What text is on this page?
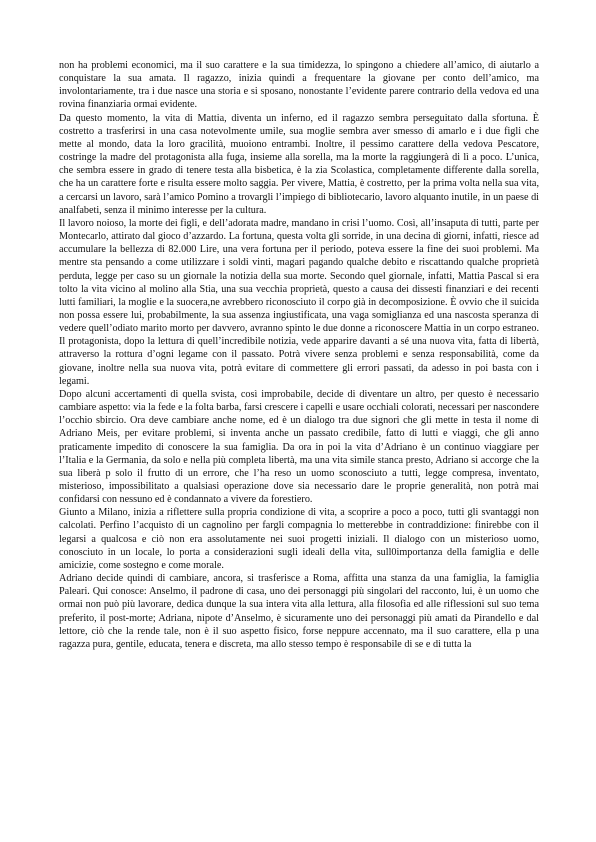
non ha problemi economici, ma il suo carattere e la sua timidezza, lo spingono a chiedere all’amico, di aiutarlo a conquistare la sua amata. Il ragazzo, inizia quindi a frequentare la giovane per conto dell’amico, ma involontariamente, tra i due nasce una storia e si sposano, nonostante l’evidente parere contrario della vedova ed una rovina finanziaria ormai evidente.

Da questo momento, la vita di Mattia, diventa un inferno, ed il ragazzo sembra perseguitato dalla sfortuna. È costretto a trasferirsi in una casa notevolmente umile, sua moglie sembra aver smesso di amarlo e i due figli che mette al mondo, data la loro gracilità, muoiono entrambi. Inoltre, il pessimo carattere della vedova Pescatore, costringe la madre del protagonista alla fuga, insieme alla sorella, ma la morte la raggiungerà di lì a poco. L’unica, che sembra essere in grado di tenere testa alla bisbetica, è la zia Scolastica, completamente differente dalla sorella, che ha un carattere forte e risulta essere molto saggia. Per vivere, Mattia, è costretto, per la prima volta nella sua vita, a cercarsi un lavoro, sarà l’amico Pomino a trovargli l’impiego di bibliotecario, lavoro alquanto inutile, in un paese di analfabeti, senza il minimo interesse per la cultura.

Il lavoro noioso, la morte dei figli, e dell’adorata madre, mandano in crisi l’uomo. Così, all’insaputa di tutti, parte per Montecarlo, attirato dal gioco d’azzardo. La fortuna, questa volta gli sorride, in una decina di giorni, infatti, riesce ad accumulare la bellezza di 82.000 Lire, una vera fortuna per il periodo, poteva essere la fine dei suoi problemi. Ma mentre sta pensando a come utilizzare i soldi vinti, magari pagando qualche debito e riscattando qualche proprietà perduta, legge per caso su un giornale la notizia della sua morte. Secondo quel giornale, infatti, Mattia Pascal si era tolto la vita vicino al molino alla Stia, una sua vecchia proprietà, questo a causa dei dissesti finanziari e dei recenti lutti familiari, la moglie e la suocera,ne avrebbero riconosciuto il corpo già in decomposizione. È ovvio che il suicida non possa essere lui, probabilmente, la sua assenza ingiustificata, una vaga somiglianza ed una nascosta speranza di vedere quell’odiato marito morto per davvero, avranno spinto le due donne a riconoscere Mattia in un corpo estraneo. Il protagonista, dopo la lettura di quell’incredibile notizia, vede apparire davanti a sé una nuova vita, fatta di libertà, attraverso la rottura d’ogni legame con il passato. Potrà vivere senza problemi e senza responsabilità, come da giovane, inoltre nella sua nuova vita, potrà evitare di commettere gli errori passati, da adesso in poi basta con i legami.

Dopo alcuni accertamenti di quella svista, così improbabile, decide di diventare un altro, per questo è necessario cambiare aspetto: via la fede e la folta barba, farsi crescere i capelli e usare occhiali colorati, necessari per nascondere l’occhio sbircio. Ora deve cambiare anche nome, ed è un dialogo tra due signori che gli mette in testa il nome di Adriano Meis, per evitare problemi, si inventa anche un passato credibile, fatto di lutti e viaggi, che gli anno praticamente impedito di conoscere la sua famiglia. Da ora in poi la vita d’Adriano è un continuo viaggiare per l’Italia e la Germania, da solo e nella più completa libertà, ma una vita simile stanca presto, Adriano si accorge che la sua liberà p solo il frutto di un errore, che l’ha reso un uomo sconosciuto a tutti, legge compresa, inventato, misterioso, impossibilitato a qualsiasi operazione dove sia necessario dare le proprie generalità, non potrà mai confidarsi con nessuno ed è condannato a vivere da forestiero.

Giunto a Milano, inizia a riflettere sulla propria condizione di vita, a scoprire a poco a poco, tutti gli svantaggi non calcolati. Perfino l’acquisto di un cagnolino per fargli compagnia lo metterebbe in contraddizione: finirebbe con il legarsi a qualcosa e ciò non era assolutamente nei suoi progetti iniziali. Il dialogo con un misterioso uomo, conosciuto in un locale, lo porta a considerazioni sugli ideali della vita, sull0importanza della famiglia e delle amicizie, come sostegno e come morale.

Adriano decide quindi di cambiare, ancora, si trasferisce a Roma, affitta una stanza da una famiglia, la famiglia Paleari. Qui conosce: Anselmo, il padrone di casa, uno dei personaggi più singolari del racconto, lui, è un uomo che ormai non può più lavorare, dedica dunque la sua intera vita alla lettura, alla filosofia ed alle riflessioni sul suo tema preferito, il post-morte; Adriana, nipote d’Anselmo, è sicuramente uno dei personaggi più amati da Pirandello e dal lettore, ciò che la rende tale, non è il suo aspetto fisico, forse neppure accennato, ma il suo carattere, ella p una ragazza pura, gentile, educata, tenera e discreta, ma allo stesso tempo è responsabile di se e di tutta la
